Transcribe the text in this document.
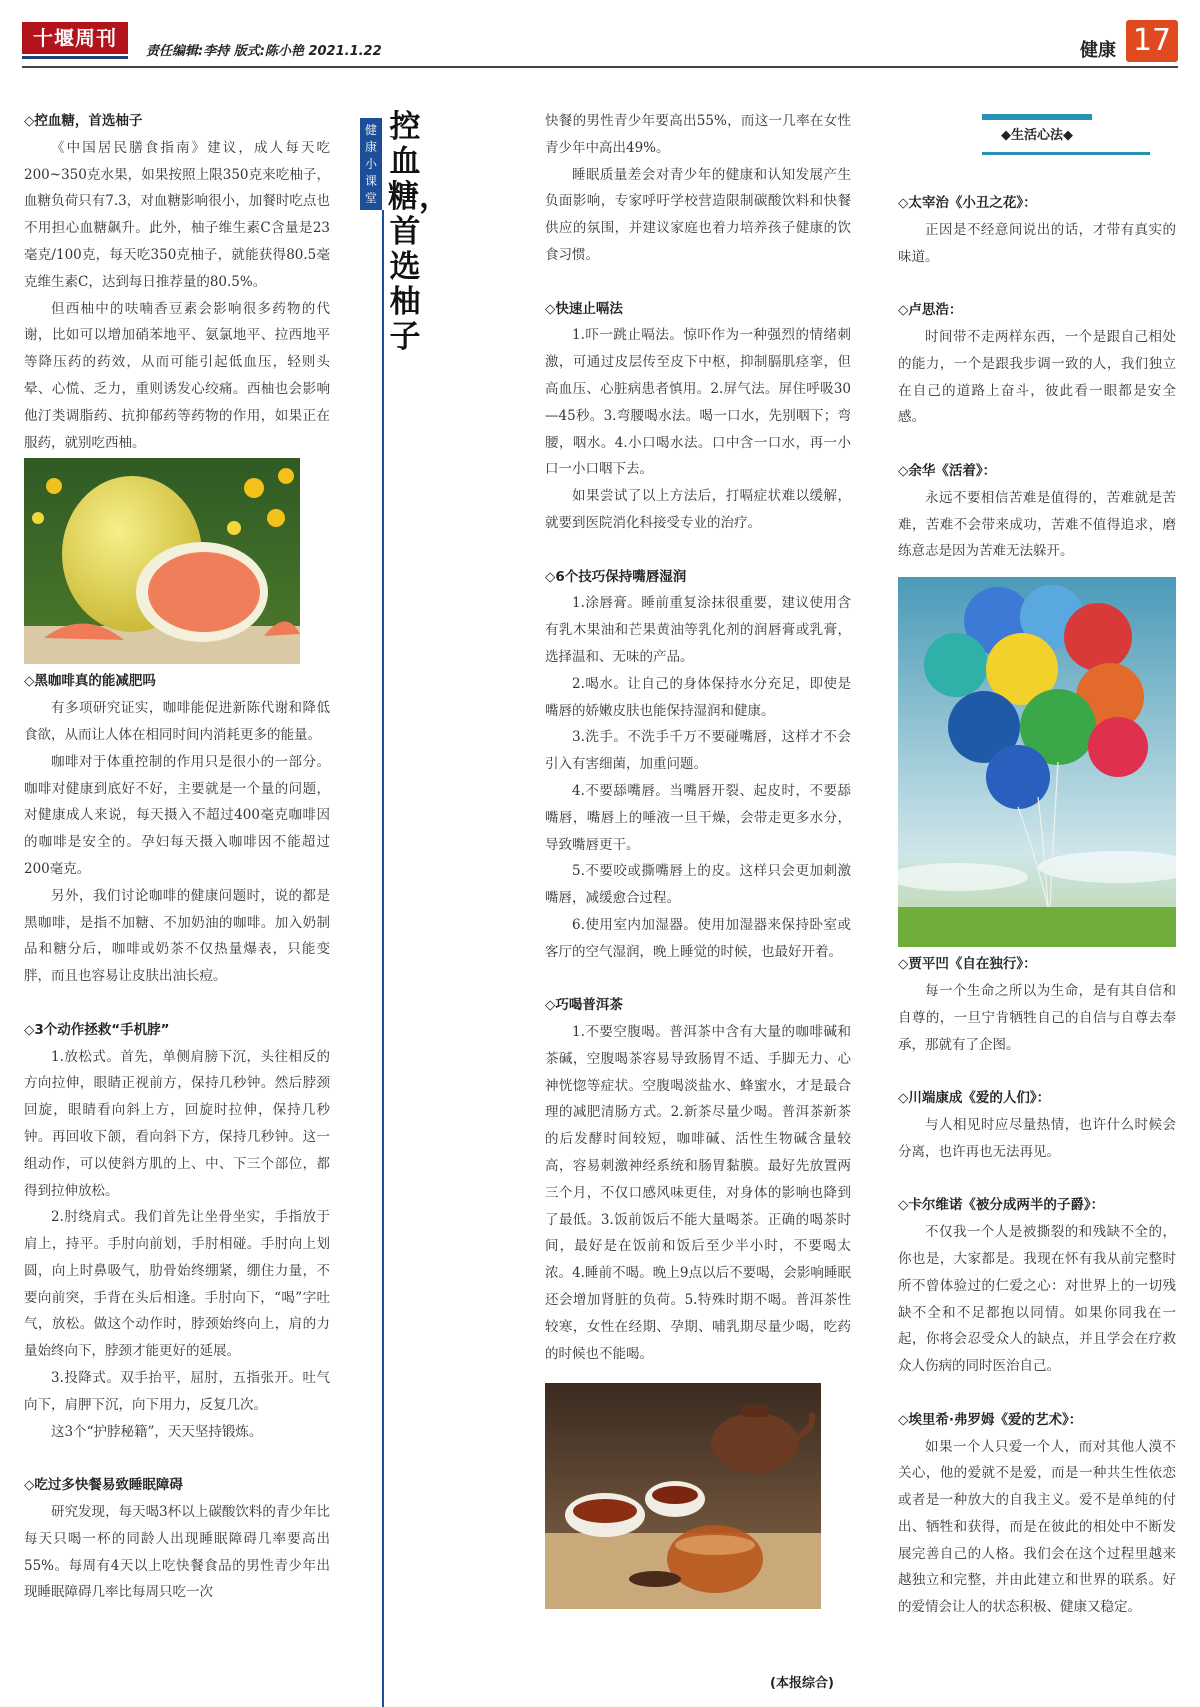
十堰周刊
责任编辑:李持 版式:陈小艳 2021.1.22	健康 17
◇控血糖，首选柚子

《中国居民膳食指南》建议，成人每天吃200~350克水果，如果按照上限350克来吃柚子，血糖负荷只有7.3，对血糖影响很小，加餐时吃点也不用担心血糖飙升。此外，柚子维生素C含量是23毫克/100克，每天吃350克柚子，就能获得80.5毫克维生素C，达到每日推荐量的80.5%。

但西柚中的呋喃香豆素会影响很多药物的代谢，比如可以增加硝苯地平、氨氯地平、拉西地平等降压药的药效，从而可能引起低血压，轻则头晕、心慌、乏力，重则诱发心绞痛。西柚也会影响他汀类调脂药、抗抑郁药等药物的作用，如果正在服药，就别吃西柚。

◇黑咖啡真的能减肥吗

有多项研究证实，咖啡能促进新陈代谢和降低食欲，从而让人体在相同时间内消耗更多的能量。

咖啡对于体重控制的作用只是很小的一部分。咖啡对健康到底好不好，主要就是一个量的问题，对健康成人来说，每天摄入不超过400毫克咖啡因的咖啡是安全的。孕妇每天摄入咖啡因不能超过200毫克。

另外，我们讨论咖啡的健康问题时，说的都是黑咖啡，是指不加糖、不加奶油的咖啡。加入奶制品和糖分后，咖啡或奶茶不仅热量爆表，只能变胖，而且也容易让皮肤出油长痘。

◇3个动作拯救“手机脖”

1.放松式。首先，单侧肩膀下沉，头往相反的方向拉伸，眼睛正视前方，保持几秒钟。然后脖颈回旋，眼睛看向斜上方，回旋时拉伸，保持几秒钟。再回收下颌，看向斜下方，保持几秒钟。这一组动作，可以使斜方肌的上、中、下三个部位，都得到拉伸放松。

2.肘绕肩式。我们首先让坐骨坐实，手指放于肩上，持平。手肘向前划，手肘相碰。手肘向上划圆，向上时鼻吸气，肋骨始终绷紧，绷住力量，不要向前突，手背在头后相逢。手肘向下，“喝”字吐气，放松。做这个动作时，脖颈始终向上，肩的力量始终向下，脖颈才能更好的延展。

3.投降式。双手抬平，屈肘，五指张开。吐气向下，肩胛下沉，向下用力，反复几次。

这3个“护脖秘籍”，天天坚持锻炼。

◇吃过多快餐易致睡眠障碍

研究发现，每天喝3杯以上碳酸饮料的青少年比每天只喝一杯的同龄人出现睡眠障碍几率要高出55%。每周有4天以上吃快餐食品的男性青少年出现睡眠障碍几率比每周只吃一次

健康小课堂
控血糖，首选柚子

快餐的男性青少年要高出55%，而这一几率在女性青少年中高出49%。

睡眠质量差会对青少年的健康和认知发展产生负面影响，专家呼吁学校营造限制碳酸饮料和快餐供应的氛围，并建议家庭也着力培养孩子健康的饮食习惯。

◇快速止嗝法

1.吓一跳止嗝法。惊吓作为一种强烈的情绪刺激，可通过皮层传至皮下中枢，抑制膈肌痉挛，但高血压、心脏病患者慎用。2.屏气法。屏住呼吸30—45秒。3.弯腰喝水法。喝一口水，先别咽下；弯腰，咽水。4.小口喝水法。口中含一口水，再一小口一小口咽下去。

如果尝试了以上方法后，打嗝症状难以缓解，就要到医院消化科接受专业的治疗。

◇6个技巧保持嘴唇湿润

1.涂唇膏。睡前重复涂抹很重要，建议使用含有乳木果油和芒果黄油等乳化剂的润唇膏或乳膏，选择温和、无味的产品。

2.喝水。让自己的身体保持水分充足，即使是嘴唇的娇嫩皮肤也能保持湿润和健康。

3.洗手。不洗手千万不要碰嘴唇，这样才不会引入有害细菌，加重问题。

4.不要舔嘴唇。当嘴唇开裂、起皮时，不要舔嘴唇，嘴唇上的唾液一旦干燥，会带走更多水分，导致嘴唇更干。

5.不要咬或撕嘴唇上的皮。这样只会更加刺激嘴唇，减缓愈合过程。

6.使用室内加湿器。使用加湿器来保持卧室或客厅的空气湿润，晚上睡觉的时候，也最好开着。

◇巧喝普洱茶

1.不要空腹喝。普洱茶中含有大量的咖啡碱和茶碱，空腹喝茶容易导致肠胃不适、手脚无力、心神恍惚等症状。空腹喝淡盐水、蜂蜜水，才是最合理的减肥清肠方式。2.新茶尽量少喝。普洱茶新茶的后发酵时间较短，咖啡碱、活性生物碱含量较高，容易刺激神经系统和肠胃黏膜。最好先放置两三个月，不仅口感风味更佳，对身体的影响也降到了最低。3.饭前饭后不能大量喝茶。正确的喝茶时间，最好是在饭前和饭后至少半小时，不要喝太浓。4.睡前不喝。晚上9点以后不要喝，会影响睡眠还会增加肾脏的负荷。5.特殊时期不喝。普洱茶性较寒，女性在经期、孕期、哺乳期尽量少喝，吃药的时候也不能喝。

(本报综合)
◆生活心法◆
◇太宰治《小丑之花》：

正因是不经意间说出的话，才带有真实的味道。

◇卢思浩：

时间带不走两样东西，一个是跟自己相处的能力，一个是跟我步调一致的人，我们独立在自己的道路上奋斗，彼此看一眼都是安全感。

◇余华《活着》：

永远不要相信苦难是值得的，苦难就是苦难，苦难不会带来成功，苦难不值得追求，磨练意志是因为苦难无法躲开。

◇贾平凹《自在独行》：

每一个生命之所以为生命，是有其自信和自尊的，一旦宁肯牺牲自己的自信与自尊去奉承，那就有了企图。

◇川端康成《爱的人们》：

与人相见时应尽量热情，也许什么时候会分离，也许再也无法再见。

◇卡尔维诺《被分成两半的子爵》：

不仅我一个人是被撕裂的和残缺不全的，你也是，大家都是。我现在怀有我从前完整时所不曾体验过的仁爱之心：对世界上的一切残缺不全和不足都抱以同情。如果你同我在一起，你将会忍受众人的缺点，并且学会在疗救众人伤病的同时医治自己。

◇埃里希·弗罗姆《爱的艺术》：

如果一个人只爱一个人，而对其他人漠不关心，他的爱就不是爱，而是一种共生性依恋或者是一种放大的自我主义。爱不是单纯的付出、牺牲和获得，而是在彼此的相处中不断发展完善自己的人格。我们会在这个过程里越来越独立和完整，并由此建立和世界的联系。好的爱情会让人的状态积极、健康又稳定。
